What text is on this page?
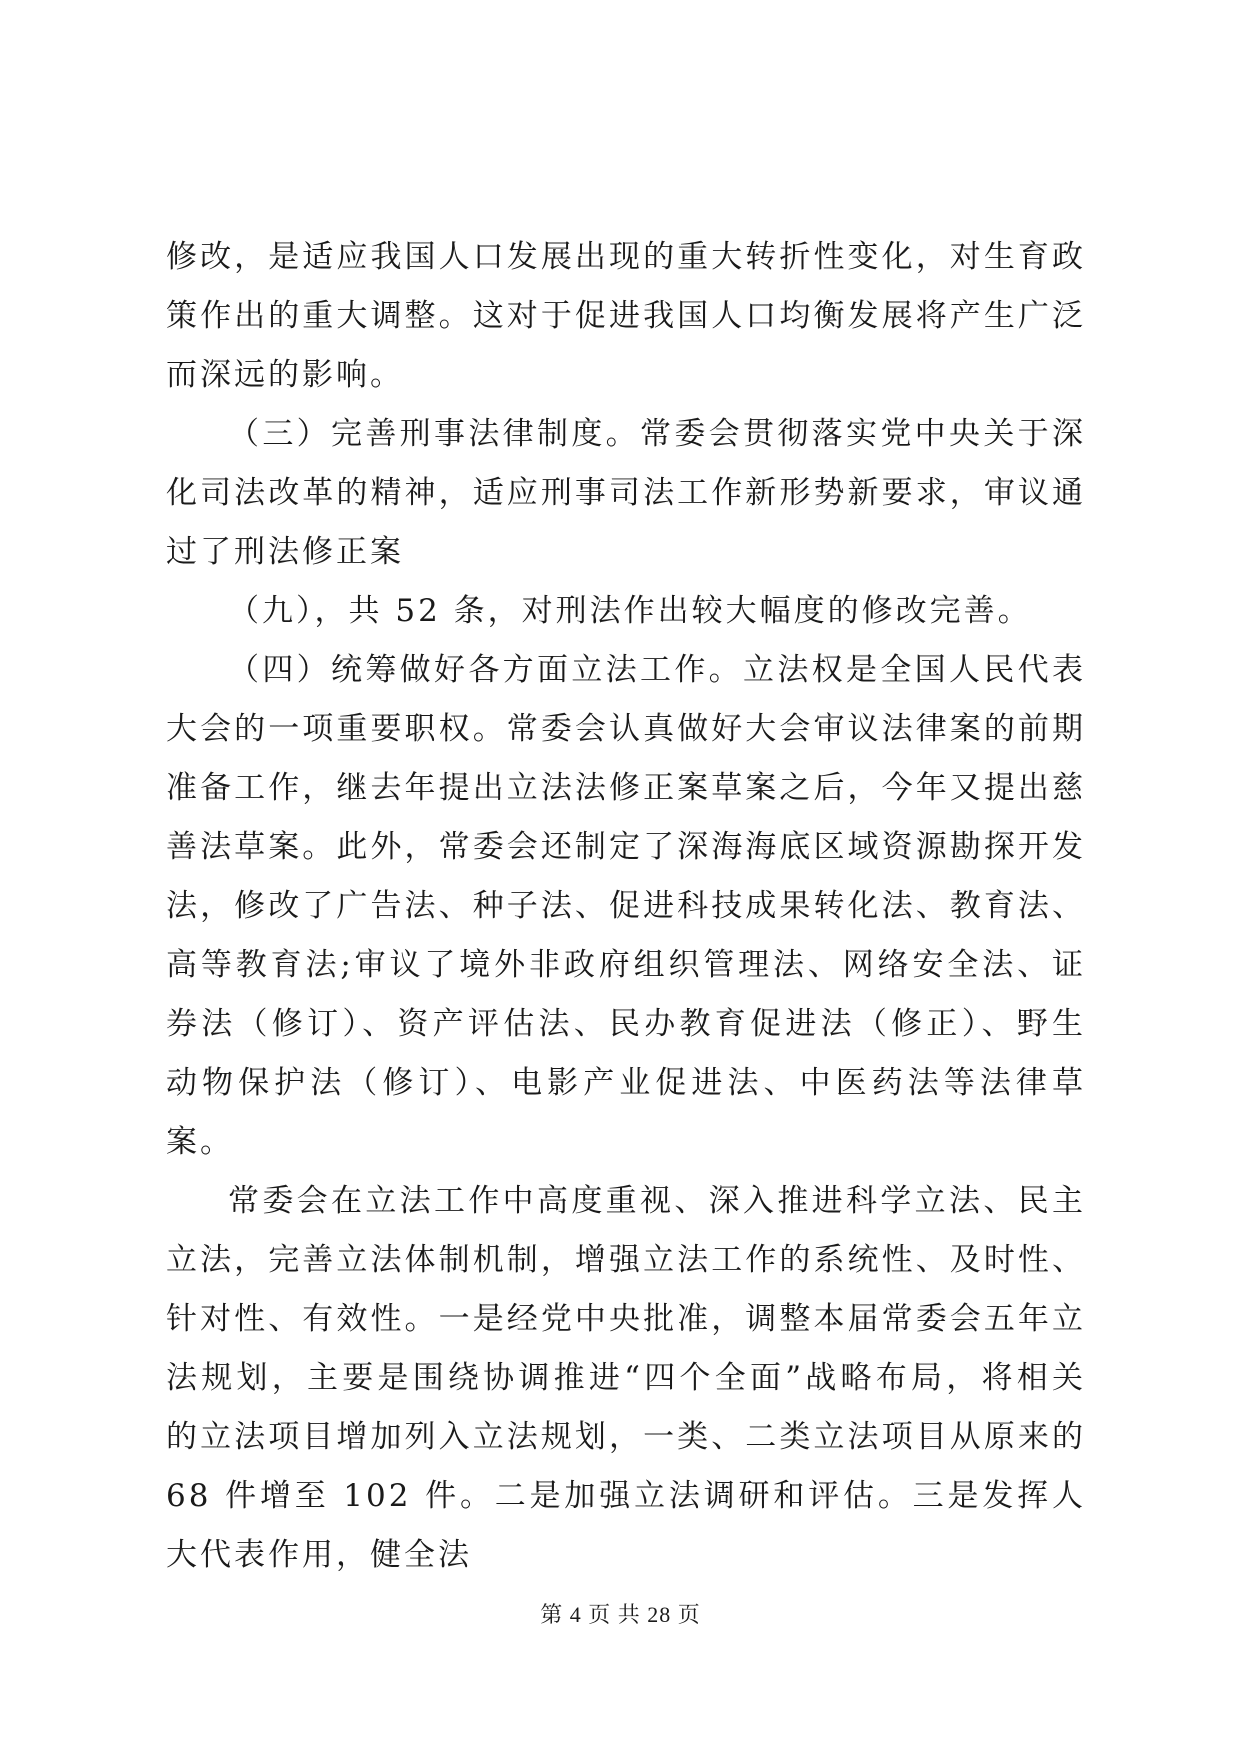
修改，是适应我国人口发展出现的重大转折性变化，对生育政策作出的重大调整。这对于促进我国人口均衡发展将产生广泛而深远的影响。

（三）完善刑事法律制度。常委会贯彻落实党中央关于深化司法改革的精神，适应刑事司法工作新形势新要求，审议通过了刑法修正案

（九），共 52 条，对刑法作出较大幅度的修改完善。

（四）统筹做好各方面立法工作。立法权是全国人民代表大会的一项重要职权。常委会认真做好大会审议法律案的前期准备工作，继去年提出立法法修正案草案之后，今年又提出慈善法草案。此外，常委会还制定了深海海底区域资源勘探开发法，修改了广告法、种子法、促进科技成果转化法、教育法、高等教育法;审议了境外非政府组织管理法、网络安全法、证券法（修订）、资产评估法、民办教育促进法（修正）、野生动物保护法（修订）、电影产业促进法、中医药法等法律草案。

常委会在立法工作中高度重视、深入推进科学立法、民主立法，完善立法体制机制，增强立法工作的系统性、及时性、针对性、有效性。一是经党中央批准，调整本届常委会五年立法规划，主要是围绕协调推进“四个全面”战略布局，将相关的立法项目增加列入立法规划，一类、二类立法项目从原来的 68 件增至 102 件。二是加强立法调研和评估。三是发挥人大代表作用，健全法

第 4 页 共 28 页
